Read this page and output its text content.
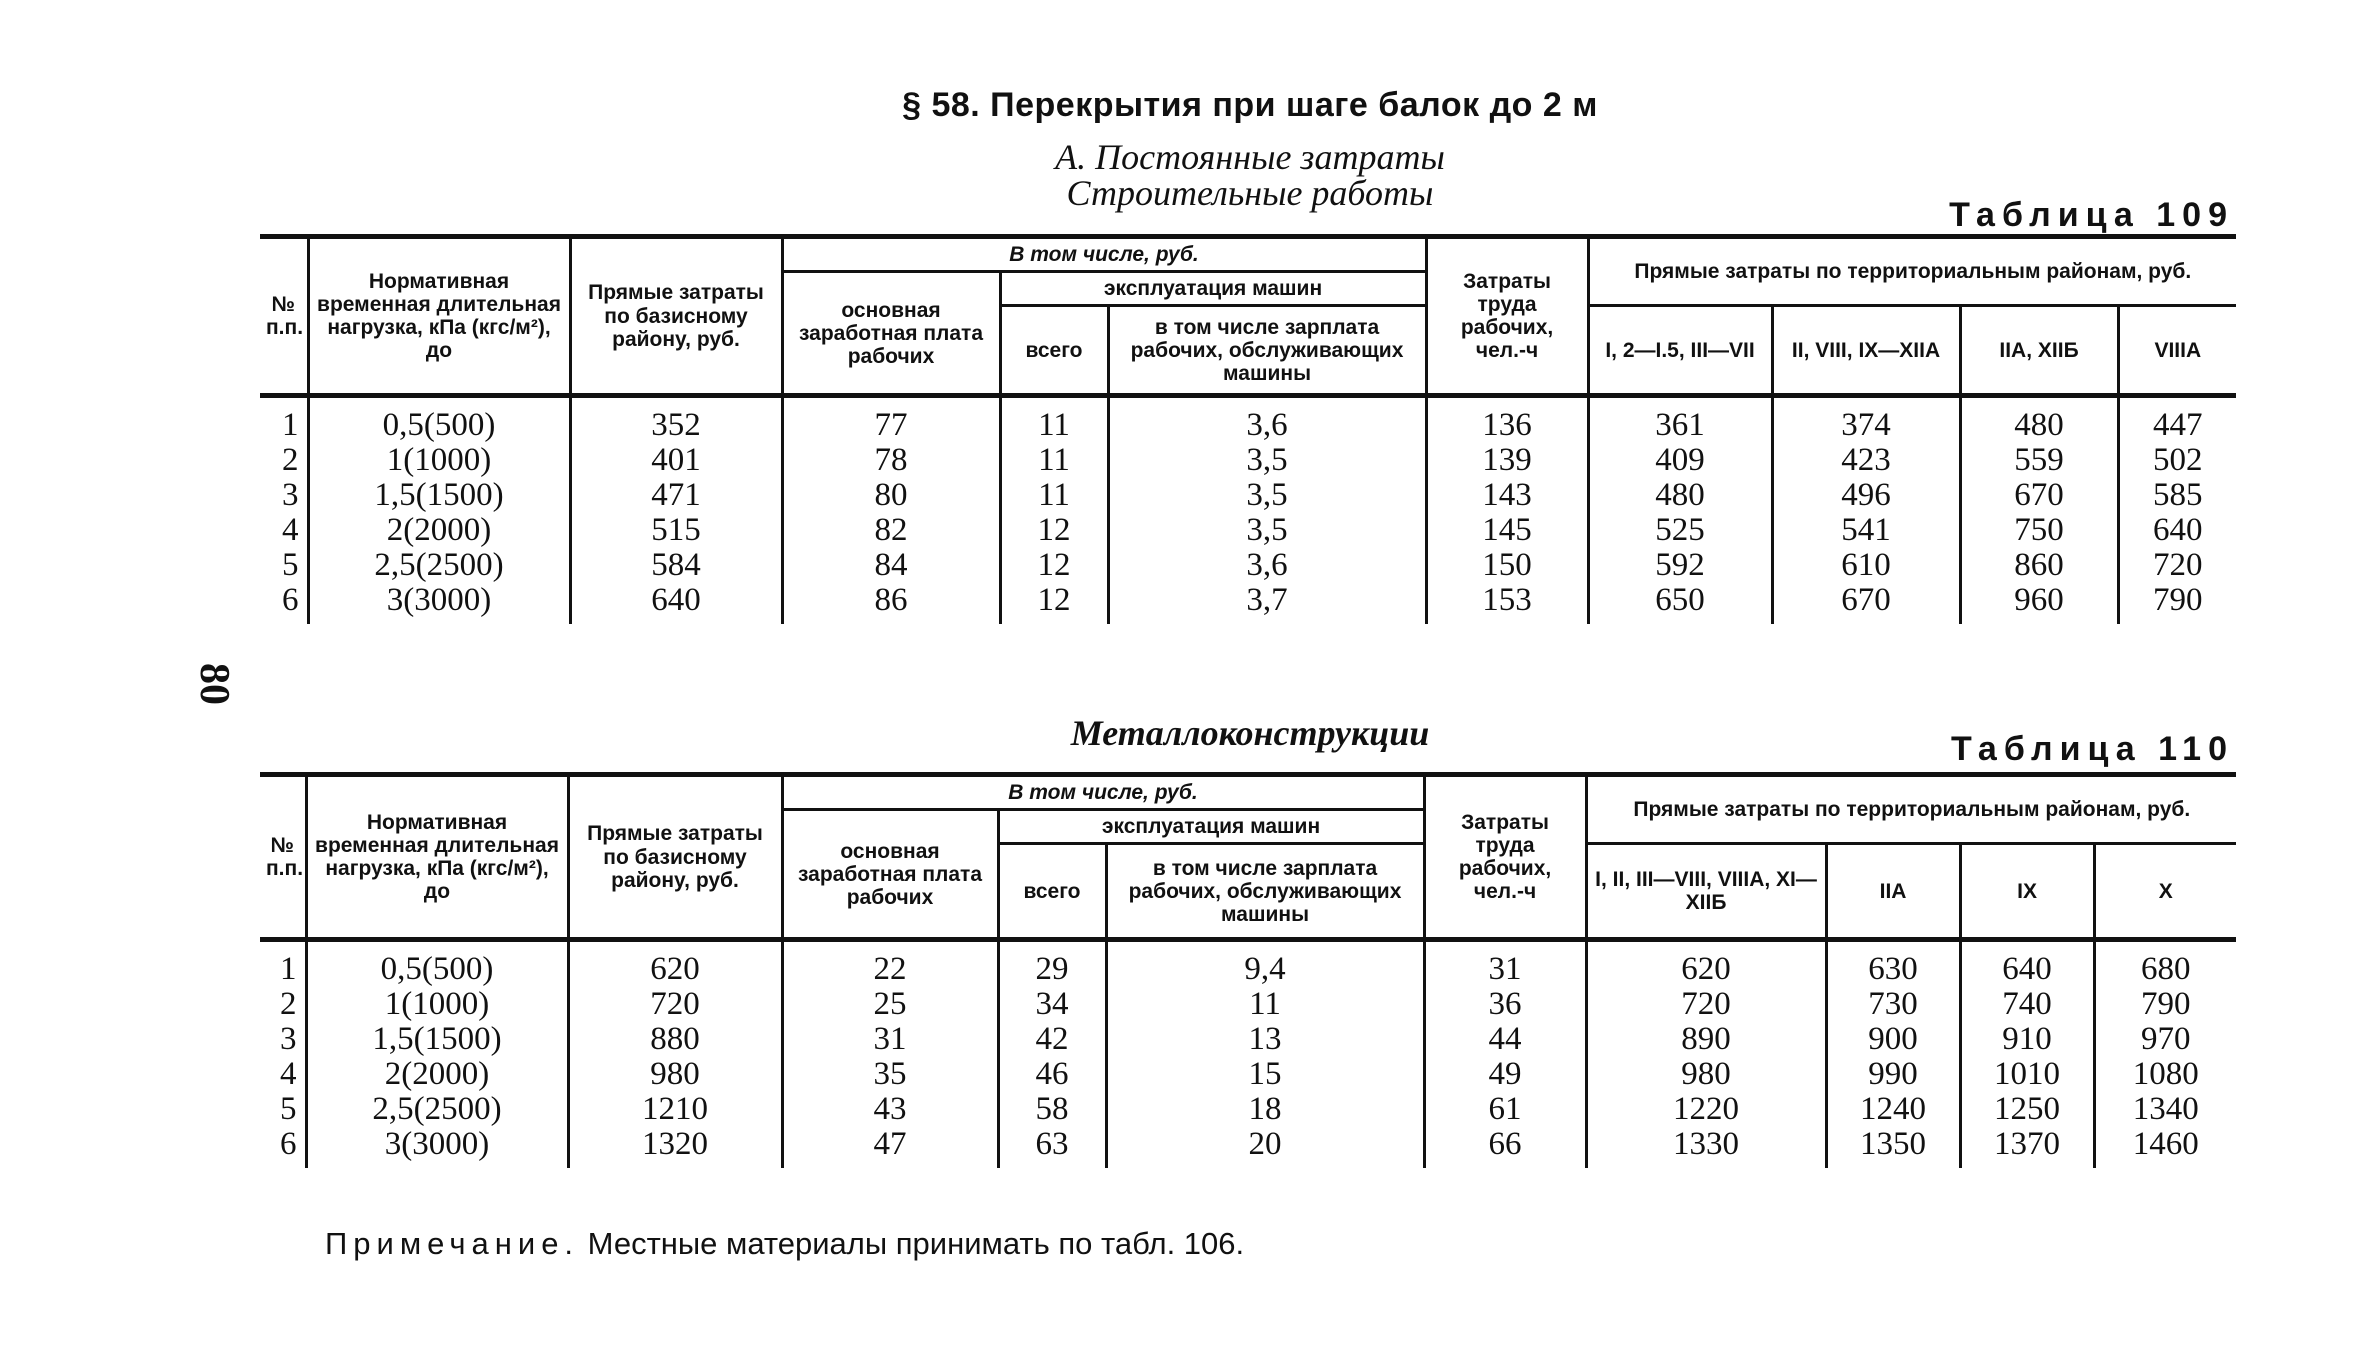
80
§ 58. Перекрытия при шаге балок до 2 м
А. Постоянные затраты
Строительные работы
Таблица 109
№ п.п.	Нормативная временная длительная нагрузка, кПа (кгс/м²), до	Прямые затраты по базисному району, руб.	В том числе, руб.			Затраты труда рабочих, чел.-ч	Прямые затраты по территориальным районам, руб.			
			основная заработная плата рабочих	эксплуатация машин						
				всего	в том числе зарплата рабочих, обслуживающих машины		I, 2—I.5, III—VII	II, VIII, IX—XIIA	IIA, XIIБ	VIIIA
1	0,5(500)	352	77	11	3,6	136	361	374	480	447
2	1(1000)	401	78	11	3,5	139	409	423	559	502
3	1,5(1500)	471	80	11	3,5	143	480	496	670	585
4	2(2000)	515	82	12	3,5	145	525	541	750	640
5	2,5(2500)	584	84	12	3,6	150	592	610	860	720
6	3(3000)	640	86	12	3,7	153	650	670	960	790
Металлоконструкции	Таблица 110
№ п.п.	Нормативная временная длительная нагрузка, кПа (кгс/м²), до	Прямые затраты по базисному району, руб.	В том числе, руб.			Затраты труда рабочих, чел.-ч	Прямые затраты по территориальным районам, руб.			
			основная заработная плата рабочих	эксплуатация машин						
				всего	в том числе зарплата рабочих, обслуживающих машины		I, II, III—VIII, VIIIA, XI—XIIБ	IIA	IX	X
1	0,5(500)	620	22	29	9,4	31	620	630	640	680
2	1(1000)	720	25	34	11	36	720	730	740	790
3	1,5(1500)	880	31	42	13	44	890	900	910	970
4	2(2000)	980	35	46	15	49	980	990	1010	1080
5	2,5(2500)	1210	43	58	18	61	1220	1240	1250	1340
6	3(3000)	1320	47	63	20	66	1330	1350	1370	1460
Примечание. Местные материалы принимать по табл. 106.
